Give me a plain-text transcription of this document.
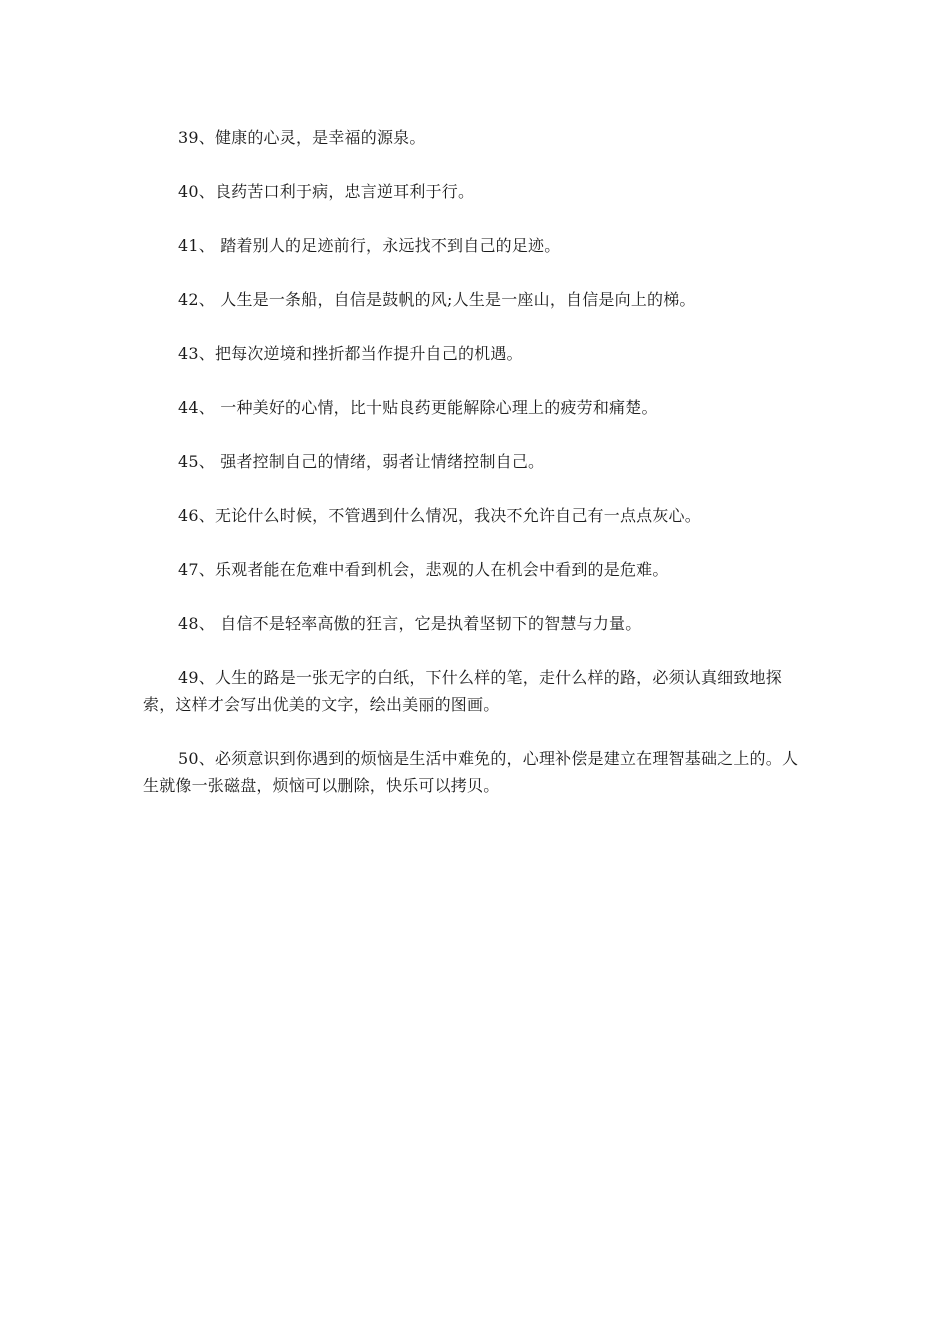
39、健康的心灵，是幸福的源泉。

40、良药苦口利于病，忠言逆耳利于行。

41、 踏着别人的足迹前行，永远找不到自己的足迹。

42、 人生是一条船，自信是鼓帆的风;人生是一座山，自信是向上的梯。

43、把每次逆境和挫折都当作提升自己的机遇。

44、 一种美好的心情，比十贴良药更能解除心理上的疲劳和痛楚。

45、 强者控制自己的情绪，弱者让情绪控制自己。

46、无论什么时候，不管遇到什么情况，我决不允许自己有一点点灰心。

47、乐观者能在危难中看到机会，悲观的人在机会中看到的是危难。

48、 自信不是轻率高傲的狂言，它是执着坚韧下的智慧与力量。

49、人生的路是一张无字的白纸，下什么样的笔，走什么样的路，必须认真细致地探索，这样才会写出优美的文字，绘出美丽的图画。

50、必须意识到你遇到的烦恼是生活中难免的，心理补偿是建立在理智基础之上的。人生就像一张磁盘，烦恼可以删除，快乐可以拷贝。
